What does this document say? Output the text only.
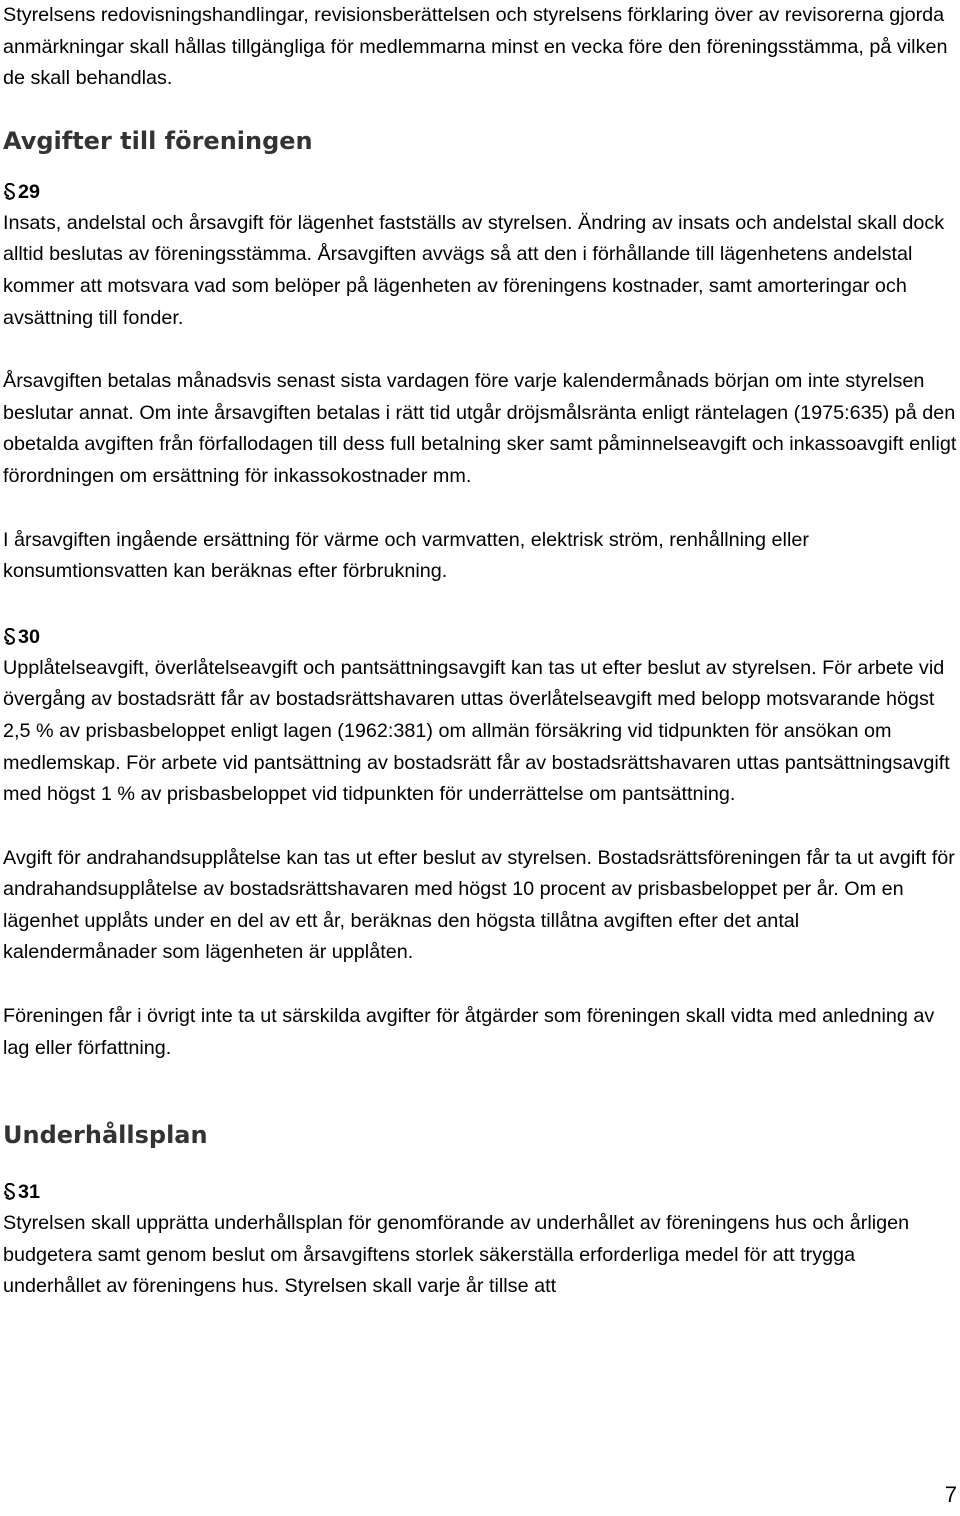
Styrelsens redovisningshandlingar, revisionsberättelsen och styrelsens förklaring över av revisorerna gjorda anmärkningar skall hållas tillgängliga för medlemmarna minst en vecka före den föreningsstämma, på vilken de skall behandlas.

Avgifter till föreningen
29

Insats, andelstal och årsavgift för lägenhet fastställs av styrelsen. Ändring av insats och andelstal skall dock alltid beslutas av föreningsstämma. Årsavgiften avvägs så att den i förhållande till lägenhetens andelstal kommer att motsvara vad som belöper på lägenheten av föreningens kostnader, samt amorteringar och avsättning till fonder.

Årsavgiften betalas månadsvis senast sista vardagen före varje kalendermånads början om inte styrelsen beslutar annat. Om inte årsavgiften betalas i rätt tid utgår dröjsmålsränta enligt räntelagen (1975:635) på den obetalda avgiften från förfallodagen till dess full betalning sker samt påminnelseavgift och inkassoavgift enligt förordningen om ersättning för inkassokostnader mm.

I årsavgiften ingående ersättning för värme och varmvatten, elektrisk ström, renhållning eller konsumtionsvatten kan beräknas efter förbrukning.

30

Upplåtelseavgift, överlåtelseavgift och pantsättningsavgift kan tas ut efter beslut av styrelsen. För arbete vid övergång av bostadsrätt får av bostadsrättshavaren uttas överlåtelseavgift med belopp motsvarande högst 2,5 % av prisbasbeloppet enligt lagen (1962:381) om allmän försäkring vid tidpunkten för ansökan om medlemskap. För arbete vid pantsättning av bostadsrätt får av bostadsrättshavaren uttas pantsättningsavgift med högst 1 % av prisbasbeloppet vid tidpunkten för underrättelse om pantsättning.

Avgift för andrahandsupplåtelse kan tas ut efter beslut av styrelsen. Bostadsrättsföreningen får ta ut avgift för andrahandsupplåtelse av bostadsrättshavaren med högst 10 procent av prisbasbeloppet per år. Om en lägenhet upplåts under en del av ett år, beräknas den högsta tillåtna avgiften efter det antal kalendermånader som lägenheten är upplåten.

Föreningen får i övrigt inte ta ut särskilda avgifter för åtgärder som föreningen skall vidta med anledning av lag eller författning.

Underhållsplan
31

Styrelsen skall upprätta underhållsplan för genomförande av underhållet av föreningens hus och årligen budgetera samt genom beslut om årsavgiftens storlek säkerställa erforderliga medel för att trygga underhållet av föreningens hus. Styrelsen skall varje år tillse att

7
